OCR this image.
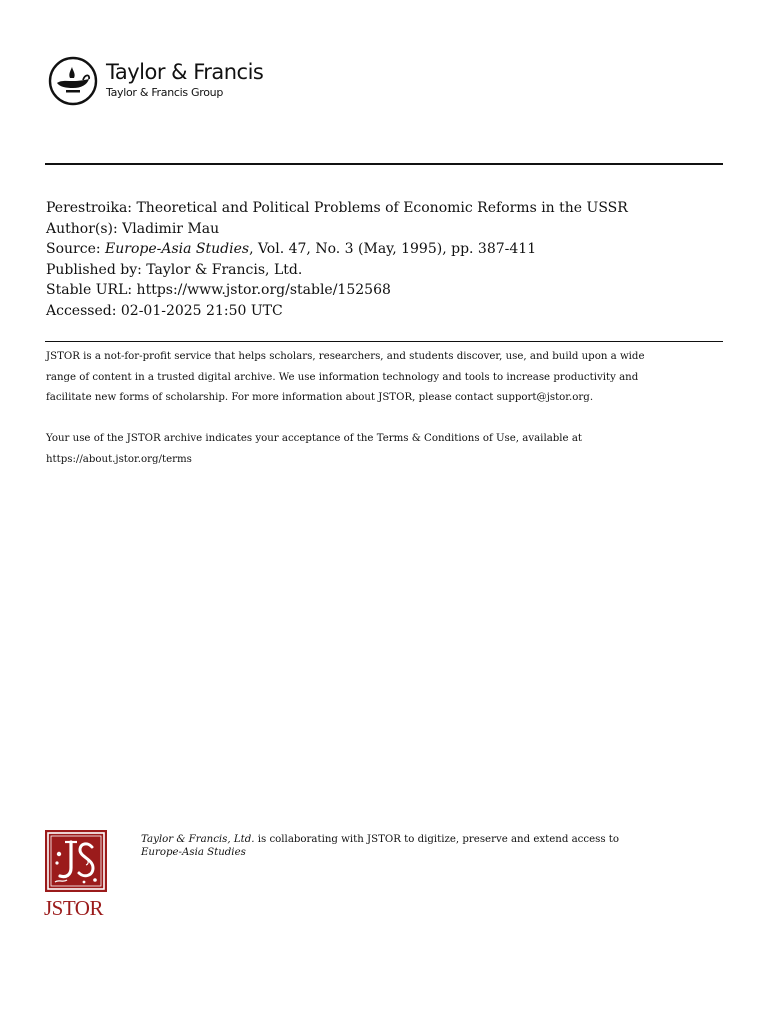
Taylor & Francis
Taylor & Francis Group
Perestroika: Theoretical and Political Problems of Economic Reforms in the USSR
Author(s): Vladimir Mau
Source: Europe-Asia Studies, Vol. 47, No. 3 (May, 1995), pp. 387-411
Published by: Taylor & Francis, Ltd.
Stable URL: https://www.jstor.org/stable/152568
Accessed: 02-01-2025 21:50 UTC
JSTOR is a not-for-profit service that helps scholars, researchers, and students discover, use, and build upon a wide
range of content in a trusted digital archive. We use information technology and tools to increase productivity and
facilitate new forms of scholarship. For more information about JSTOR, please contact support@jstor.org.
Your use of the JSTOR archive indicates your acceptance of the Terms & Conditions of Use, available at
https://about.jstor.org/terms
JSTOR
Taylor & Francis, Ltd. is collaborating with JSTOR to digitize, preserve and extend access to
Europe-Asia Studies
